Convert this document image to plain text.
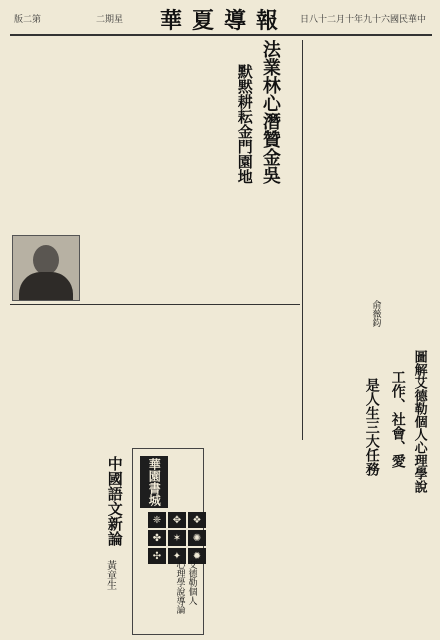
版二第	二期星 華夏導報 日八十二月十年九十六國民華中
法業林心潛贊金吳
默黙耕耘金門園地
圖解艾德勒個人心理學說
工作、社會、愛
是人生三大任務
俞薇鈞
中國語文新論
黃章生
華園書城
❈	✥	❖
✤	✶	✺
✣	✦	✹
艾德勒個人
心理學說導論
